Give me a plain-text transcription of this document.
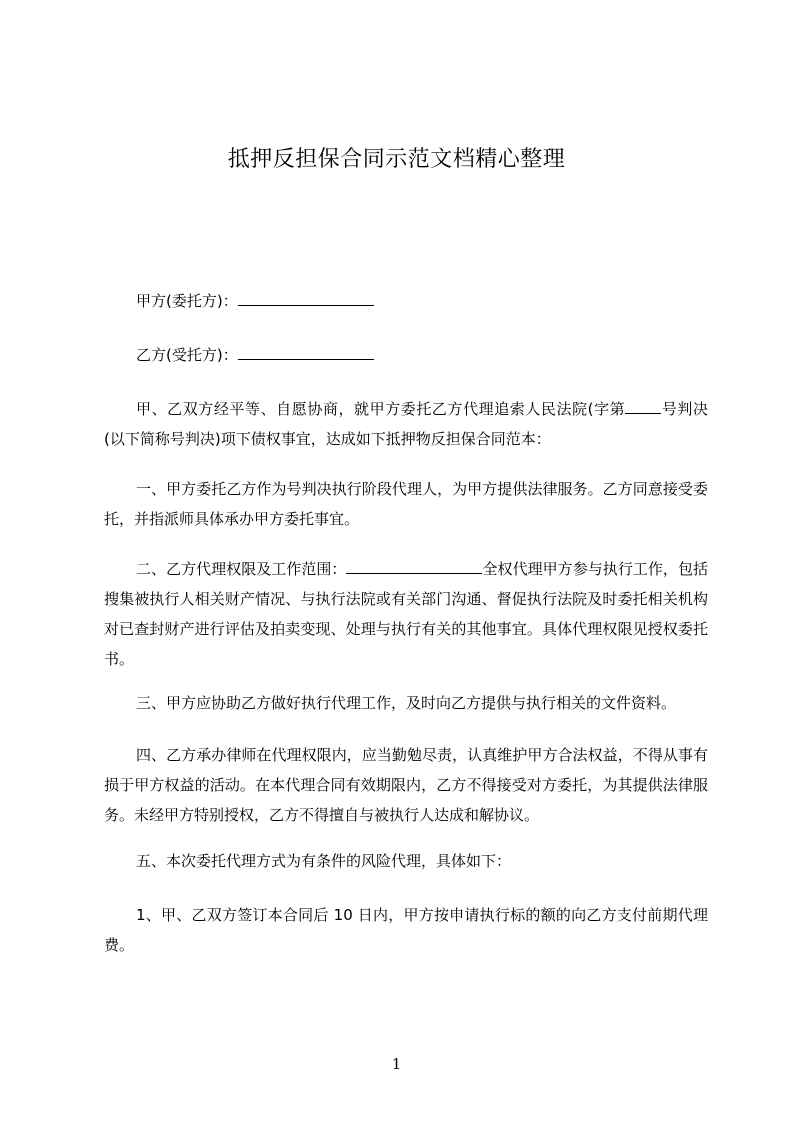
抵押反担保合同示范文档精心整理

甲方(委托方)：

乙方(受托方)：

甲、乙双方经平等、自愿协商，就甲方委托乙方代理追索人民法院(字第 号判决(以下简称号判决)项下债权事宜，达成如下抵押物反担保合同范本：

一、甲方委托乙方作为号判决执行阶段代理人，为甲方提供法律服务。乙方同意接受委托，并指派师具体承办甲方委托事宜。

二、乙方代理权限及工作范围：	全权代理甲方参与执行工作，包括搜集被执行人相关财产情况、与执行法院或有关部门沟通、督促执行法院及时委托相关机构对已查封财产进行评估及拍卖变现、处理与执行有关的其他事宜。具体代理权限见授权委托书。

三、甲方应协助乙方做好执行代理工作，及时向乙方提供与执行相关的文件资料。

四、乙方承办律师在代理权限内，应当勤勉尽责，认真维护甲方合法权益，不得从事有损于甲方权益的活动。在本代理合同有效期限内，乙方不得接受对方委托，为其提供法律服务。未经甲方特别授权，乙方不得擅自与被执行人达成和解协议。

五、本次委托代理方式为有条件的风险代理，具体如下：

1、甲、乙双方签订本合同后 10 日内，甲方按申请执行标的额的向乙方支付前期代理费。

1
